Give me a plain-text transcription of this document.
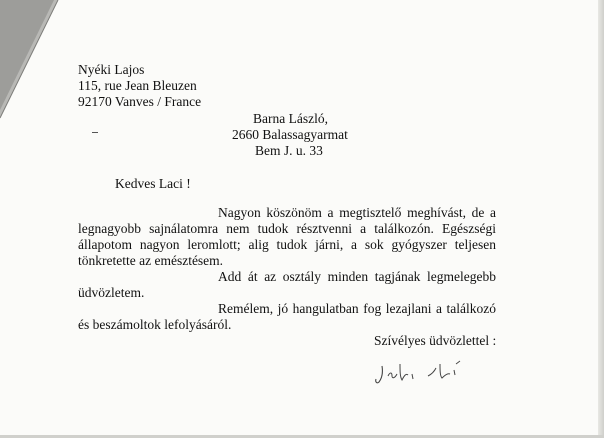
Nyéki Lajos
115, rue Jean Bleuzen
92170 Vanves / France
Barna László,
2660 Balassagyarmat
Bem J. u. 33
Kedves Laci !
Nagyon köszönöm a megtisztelő meghívást, de a
legnagyobb sajnálatomra nem tudok résztvenni a találkozón. Egészségi
állapotom nagyon leromlott; alig tudok járni, a sok gyógyszer teljesen
tönkretette az emésztésem.
Add át az osztály minden tagjának legmelegebb
üdvözletem.
Remélem, jó hangulatban fog lezajlani a találkozó
és beszámoltok lefolyásáról.
Szívélyes üdvözlettel :
